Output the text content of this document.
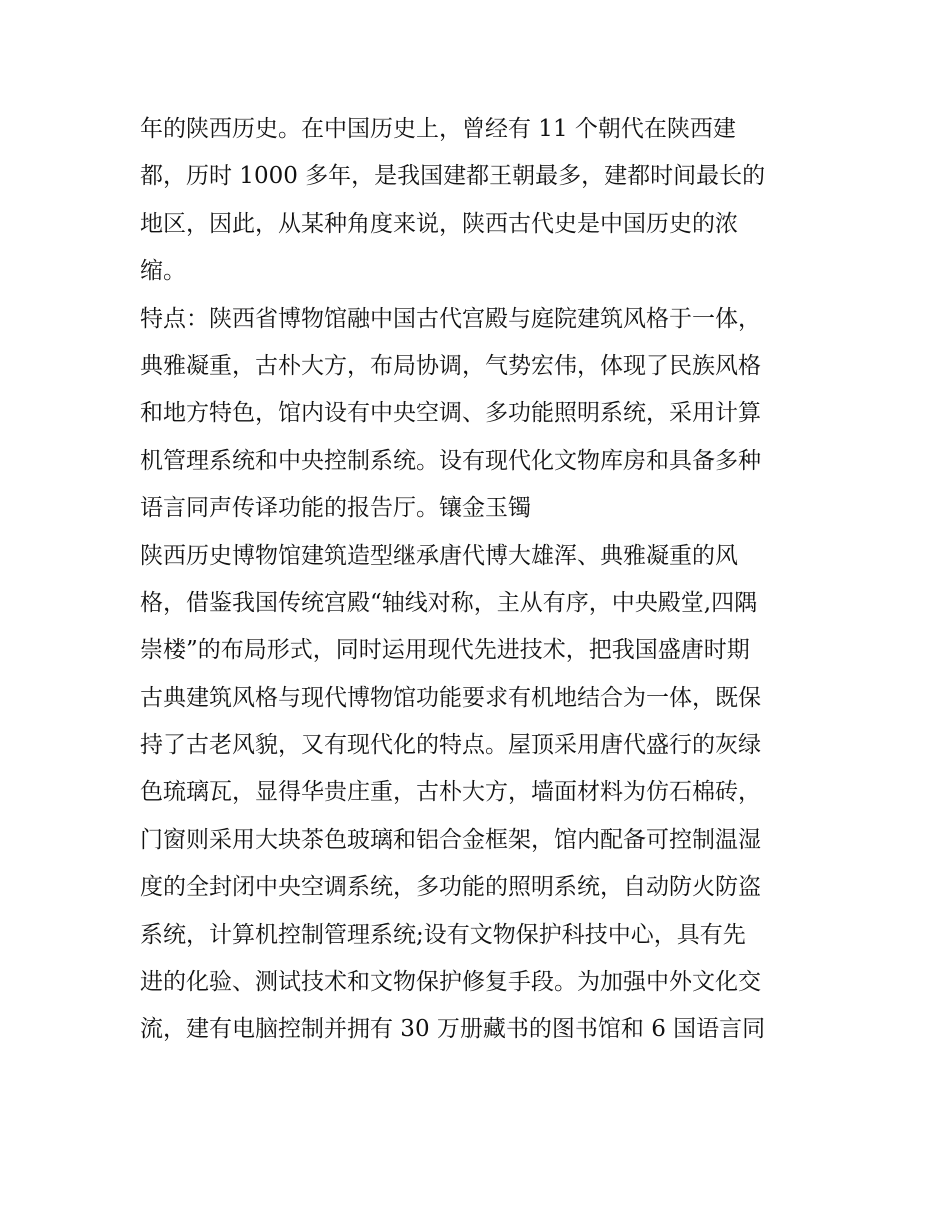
年的陕西历史。在中国历史上，曾经有 11 个朝代在陕西建
都，历时 1000 多年，是我国建都王朝最多，建都时间最长的
地区，因此，从某种角度来说，陕西古代史是中国历史的浓
缩。
特点：陕西省博物馆融中国古代宫殿与庭院建筑风格于一体，
典雅凝重，古朴大方，布局协调，气势宏伟，体现了民族风格
和地方特色，馆内设有中央空调、多功能照明系统，采用计算
机管理系统和中央控制系统。设有现代化文物库房和具备多种
语言同声传译功能的报告厅。镶金玉镯
陕西历史博物馆建筑造型继承唐代博大雄浑、典雅凝重的风
格，借鉴我国传统宫殿“轴线对称，主从有序，中央殿堂,四隅
崇楼”的布局形式，同时运用现代先进技术，把我国盛唐时期
古典建筑风格与现代博物馆功能要求有机地结合为一体，既保
持了古老风貌，又有现代化的特点。屋顶采用唐代盛行的灰绿
色琉璃瓦，显得华贵庄重，古朴大方，墙面材料为仿石棉砖，
门窗则采用大块茶色玻璃和铝合金框架，馆内配备可控制温湿
度的全封闭中央空调系统，多功能的照明系统，自动防火防盗
系统，计算机控制管理系统;设有文物保护科技中心，具有先
进的化验、测试技术和文物保护修复手段。为加强中外文化交
流，建有电脑控制并拥有 30 万册藏书的图书馆和 6 国语言同
